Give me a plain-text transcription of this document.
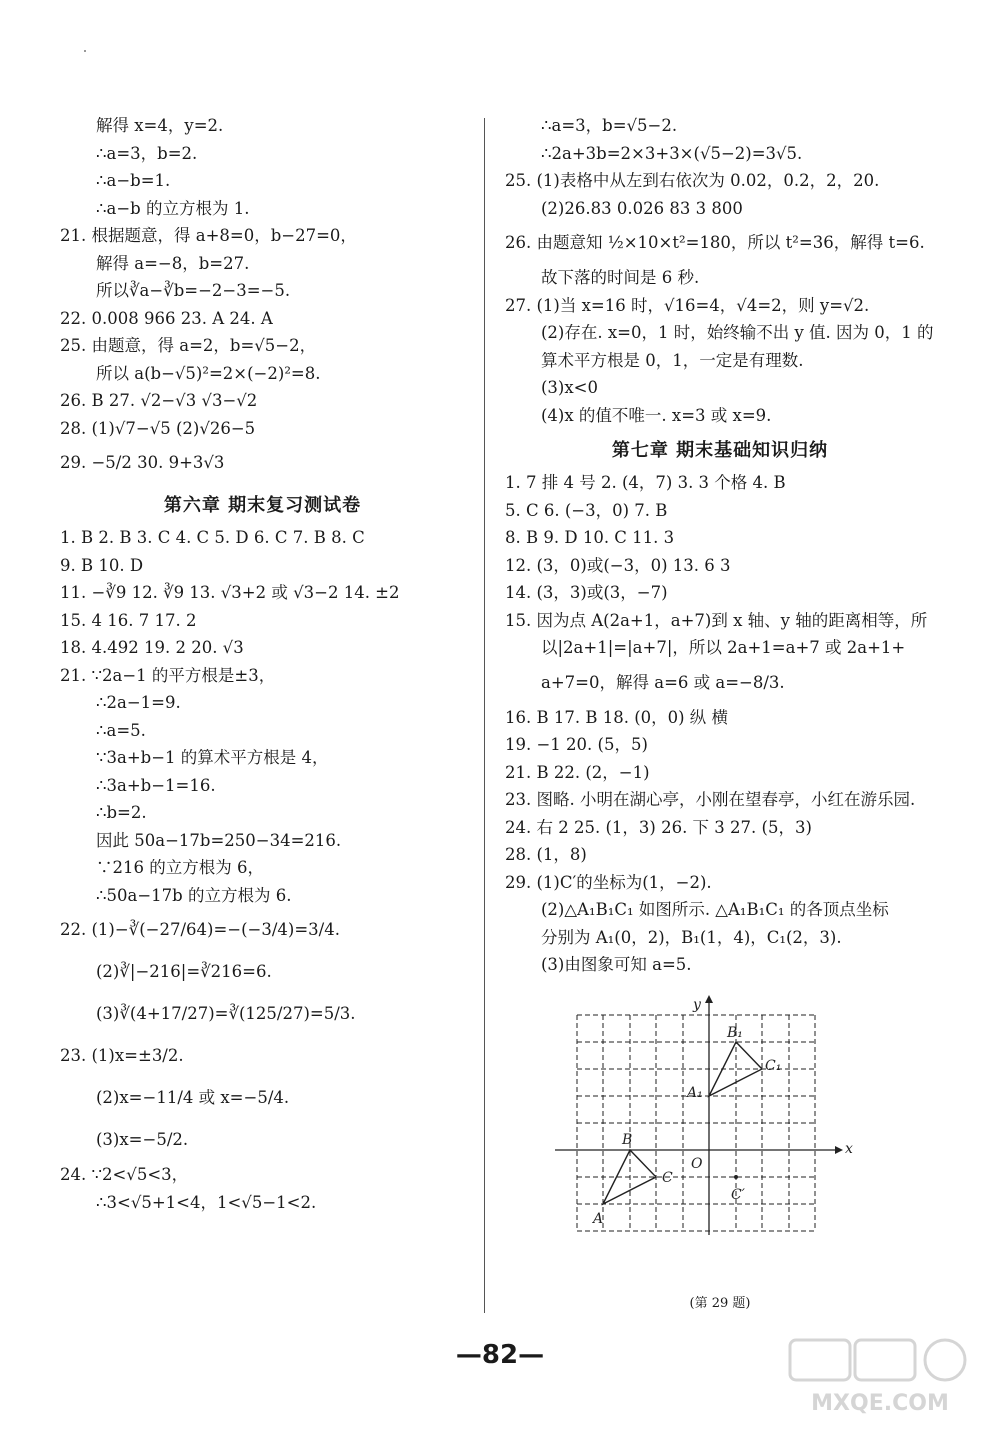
解得 x=4，y=2.
∴a=3，b=2.
∴a−b=1.
∴a−b 的立方根为 1.
21. 根据题意，得 a+8=0，b−27=0，
解得 a=−8，b=27.
所以∛a−∛b=−2−3=−5.
22. 0.008 966 23. A 24. A
25. 由题意，得 a=2，b=√5−2，
所以 a(b−√5)²=2×(−2)²=8.
26. B 27. √2−√3 √3−√2
28. (1)√7−√5 (2)√26−5
29. −5/2 30. 9+3√3
第六章 期末复习测试卷
1. B 2. B 3. C 4. C 5. D 6. C 7. B 8. C
9. B 10. D
11. −∛9 12. ∛9 13. √3+2 或 √3−2 14. ±2
15. 4 16. 7 17. 2
18. 4.492 19. 2 20. √3
21. ∵2a−1 的平方根是±3，
∴2a−1=9.
∴a=5.
∵3a+b−1 的算术平方根是 4，
∴3a+b−1=16.
∴b=2.
因此 50a−17b=250−34=216.
∵216 的立方根为 6，
∴50a−17b 的立方根为 6.
22. (1)−∛(−27/64)=−(−3/4)=3/4.
(2)∛|−216|=∛216=6.
(3)∛(4+17/27)=∛(125/27)=5/3.
23. (1)x=±3/2.
(2)x=−11/4 或 x=−5/4.
(3)x=−5/2.
24. ∵2<√5<3，
∴3<√5+1<4，1<√5−1<2.
∴a=3，b=√5−2.
∴2a+3b=2×3+3×(√5−2)=3√5.
25. (1)表格中从左到右依次为 0.02，0.2，2，20.
(2)26.83 0.026 83 3 800
26. 由题意知 ½×10×t²=180，所以 t²=36，解得 t=6.
故下落的时间是 6 秒.
27. (1)当 x=16 时，√16=4，√4=2，则 y=√2.
(2)存在. x=0，1 时，始终输不出 y 值. 因为 0，1 的
算术平方根是 0，1，一定是有理数.
(3)x<0
(4)x 的值不唯一. x=3 或 x=9.
第七章 期末基础知识归纳
1. 7 排 4 号 2. (4，7) 3. 3 个格 4. B
5. C 6. (−3，0) 7. B
8. B 9. D 10. C 11. 3
12. (3，0)或(−3，0) 13. 6 3
14. (3，3)或(3，−7)
15. 因为点 A(2a+1，a+7)到 x 轴、y 轴的距离相等，所
以|2a+1|=|a+7|，所以 2a+1=a+7 或 2a+1+
a+7=0，解得 a=6 或 a=−8/3.
16. B 17. B 18. (0，0) 纵 横
19. −1 20. (5，5)
21. B 22. (2，−1)
23. 图略. 小明在湖心亭，小刚在望春亭，小红在游乐园.
24. 右 2 25. (1，3) 26. 下 3 27. (5，3)
28. (1，8)
29. (1)C′的坐标为(1，−2).
(2)△A₁B₁C₁ 如图所示. △A₁B₁C₁ 的各顶点坐标
分别为 A₁(0，2)，B₁(1，4)，C₁(2，3).
(3)由图象可知 a=5.
x
y
O
A
B
C
C′
A₁
B₁
C₁
(第 29 题)
—82—
MXQE.COM
